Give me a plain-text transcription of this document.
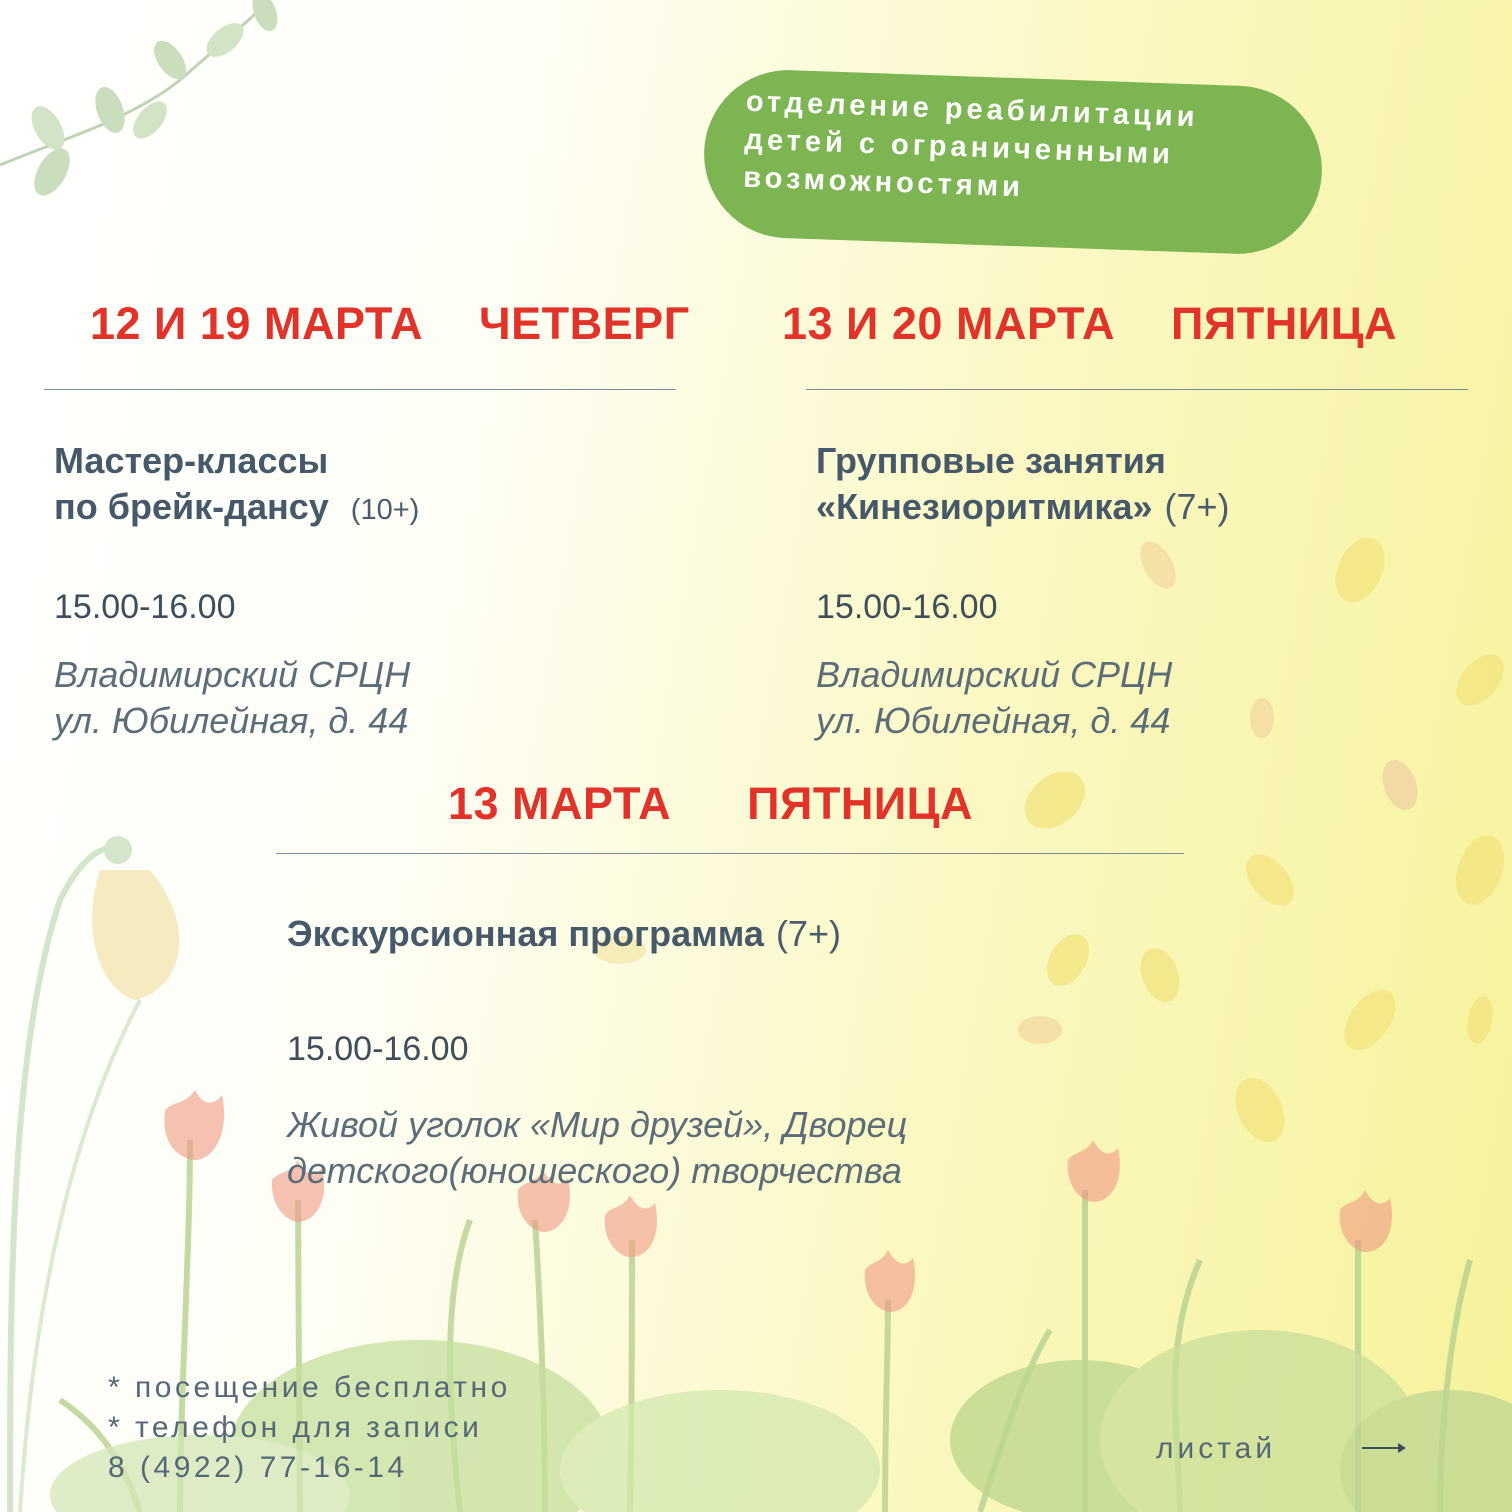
отделение реабилитации
детей с ограниченными
возможностями
12 И 19 МАРТА ЧЕТВЕРГ
Мастер-классы
по брейк-дансу (10+)
15.00-16.00
Владимирский СРЦН
ул. Юбилейная, д. 44
13 И 20 МАРТА ПЯТНИЦА
Групповые занятия
«Кинезиоритмика» (7+)
15.00-16.00
Владимирский СРЦН
ул. Юбилейная, д. 44
13 МАРТА ПЯТНИЦА
Экскурсионная программа (7+)
15.00-16.00
Живой уголок «Мир друзей», Дворец
детского(юношеского) творчества
* посещение бесплатно
* телефон для записи
8 (4922) 77-16-14
листай
